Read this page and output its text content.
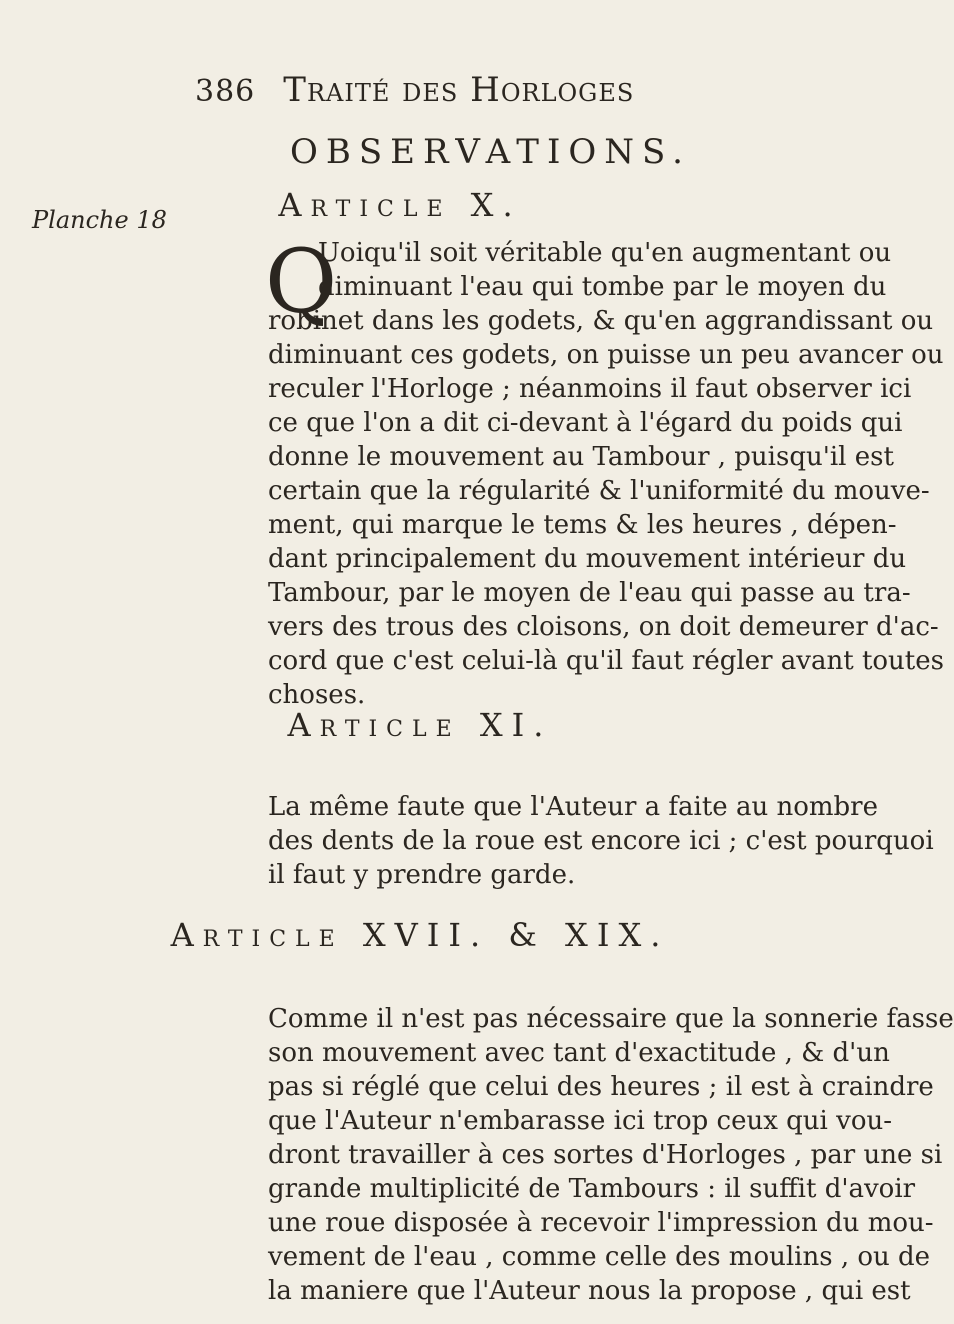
386 Traité des Horloges
OBSERVATIONS.
Article X.
Planche 18
Q
Uoiqu'il soit véritable qu'en augmentant ou
diminuant l'eau qui tombe par le moyen du
robinet dans les godets, & qu'en aggrandissant ou
diminuant ces godets, on puisse un peu avancer ou
reculer l'Horloge ; néanmoins il faut observer ici
ce que l'on a dit ci-devant à l'égard du poids qui
donne le mouvement au Tambour , puisqu'il est
certain que la régularité & l'uniformité du mouve-
ment, qui marque le tems & les heures , dépen-
dant principalement du mouvement intérieur du
Tambour, par le moyen de l'eau qui passe au tra-
vers des trous des cloisons, on doit demeurer d'ac-
cord que c'est celui-là qu'il faut régler avant toutes
choses.
Article XI.
La même faute que l'Auteur a faite au nombre
des dents de la roue est encore ici ; c'est pourquoi
il faut y prendre garde.
Article XVII. & XIX.
Comme il n'est pas nécessaire que la sonnerie fasse
son mouvement avec tant d'exactitude , & d'un
pas si réglé que celui des heures ; il est à craindre
que l'Auteur n'embarasse ici trop ceux qui vou-
dront travailler à ces sortes d'Horloges , par une si
grande multiplicité de Tambours : il suffit d'avoir
une roue disposée à recevoir l'impression du mou-
vement de l'eau , comme celle des moulins , ou de
la maniere que l'Auteur nous la propose , qui est
